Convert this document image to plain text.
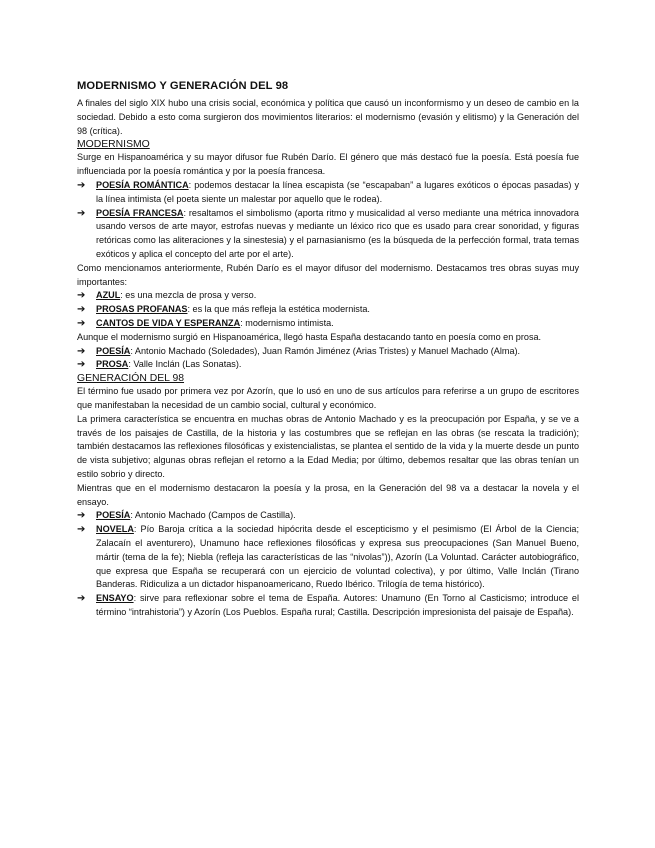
MODERNISMO Y GENERACIÓN DEL 98

A finales del siglo XIX hubo una crisis social, económica y política que causó un inconformismo y un deseo de cambio en la sociedad. Debido a esto coma surgieron dos movimientos literarios: el modernismo (evasión y elitismo) y la Generación del 98 (crítica).

MODERNISMO

Surge en Hispanoamérica y su mayor difusor fue Rubén Darío. El género que más destacó fue la poesía. Está poesía fue influenciada por la poesía romántica y por la poesía francesa.

➔ POESÍA ROMÁNTICA: podemos destacar la línea escapista (se “escapaban” a lugares exóticos o épocas pasadas) y la línea intimista (el poeta siente un malestar por aquello que le rodea).
➔ POESÍA FRANCESA: resaltamos el simbolismo (aporta ritmo y musicalidad al verso mediante una métrica innovadora usando versos de arte mayor, estrofas nuevas y mediante un léxico rico que es usado para crear sonoridad, y figuras retóricas como las aliteraciones y la sinestesia) y el parnasianismo (es la búsqueda de la perfección formal, trata temas exóticos y aplica el concepto del arte por el arte).

Como mencionamos anteriormente, Rubén Darío es el mayor difusor del modernismo. Destacamos tres obras suyas muy importantes:

➔ AZUL: es una mezcla de prosa y verso.
➔ PROSAS PROFANAS: es la que más refleja la estética modernista.
➔ CANTOS DE VIDA Y ESPERANZA: modernismo intimista.

Aunque el modernismo surgió en Hispanoamérica, llegó hasta España destacando tanto en poesía como en prosa.

➔ POESÍA: Antonio Machado (Soledades), Juan Ramón Jiménez (Arias Tristes) y Manuel Machado (Alma).
➔ PROSA: Valle Inclán (Las Sonatas).
GENERACIÓN DEL 98

El término fue usado por primera vez por Azorín, que lo usó en uno de sus artículos para referirse a un grupo de escritores que manifestaban la necesidad de un cambio social, cultural y económico.

La primera característica se encuentra en muchas obras de Antonio Machado y es la preocupación por España, y se ve a través de los paisajes de Castilla, de la historia y las costumbres que se reflejan en las obras (se rescata la tradición); también destacamos las reflexiones filosóficas y existencialistas, se plantea el sentido de la vida y la muerte desde un punto de vista subjetivo; algunas obras reflejan el retorno a la Edad Media; por último, debemos resaltar que las obras tenían un estilo sobrio y directo.

Mientras que en el modernismo destacaron la poesía y la prosa, en la Generación del 98 va a destacar la novela y el ensayo.

➔ POESÍA: Antonio Machado (Campos de Castilla).
➔ NOVELA: Pío Baroja crítica a la sociedad hipócrita desde el escepticismo y el pesimismo (El Árbol de la Ciencia; Zalacaín el aventurero), Unamuno hace reflexiones filosóficas y expresa sus preocupaciones (San Manuel Bueno, mártir (tema de la fe); Niebla (refleja las características de las “nivolas”)), Azorín (La Voluntad. Carácter autobiográfico, que expresa que España se recuperará con un ejercicio de voluntad colectiva), y por último, Valle Inclán (Tirano Banderas. Ridiculiza a un dictador hispanoamericano, Ruedo Ibérico. Trilogía de tema histórico).
➔ ENSAYO: sirve para reflexionar sobre el tema de España. Autores: Unamuno (En Torno al Casticismo; introduce el término “intrahistoria”) y Azorín (Los Pueblos. España rural; Castilla. Descripción impresionista del paisaje de España).
